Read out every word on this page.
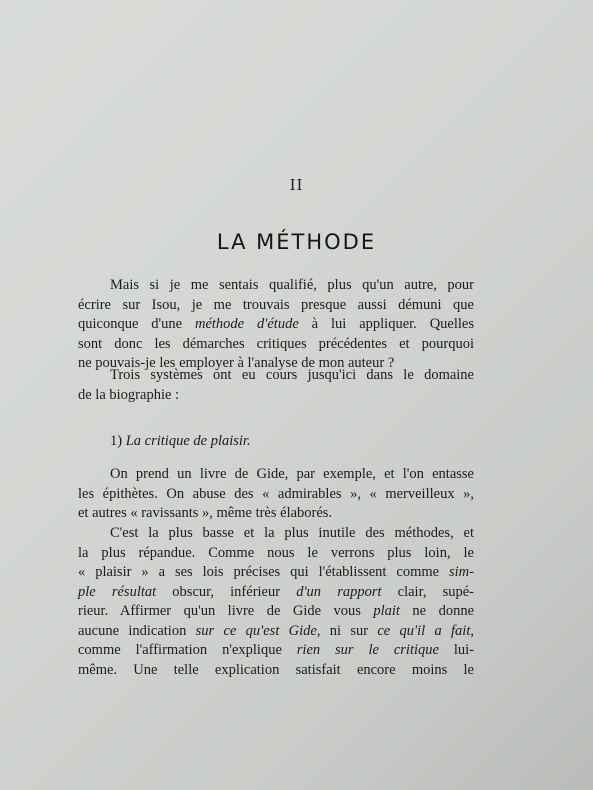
II
LA MÉTHODE
Mais si je me sentais qualifié, plus qu'un autre, pour
écrire sur Isou, je me trouvais presque aussi démuni que
quiconque d'une méthode d'étude à lui appliquer. Quelles
sont donc les démarches critiques précédentes et pourquoi
ne pouvais-je les employer à l'analyse de mon auteur ?
Trois systèmes ont eu cours jusqu'ici dans le domaine
de la biographie :
1) La critique de plaisir.
On prend un livre de Gide, par exemple, et l'on entasse
les épithètes. On abuse des « admirables », « merveilleux »,
et autres « ravissants », même très élaborés.
C'est la plus basse et la plus inutile des méthodes, et
la plus répandue. Comme nous le verrons plus loin, le
« plaisir » a ses lois précises qui l'établissent comme sim-
ple résultat obscur, inférieur d'un rapport clair, supé-
rieur. Affirmer qu'un livre de Gide vous plait ne donne
aucune indication sur ce qu'est Gide, ni sur ce qu'il a fait,
comme l'affirmation n'explique rien sur le critique lui-
même. Une telle explication satisfait encore moins le
